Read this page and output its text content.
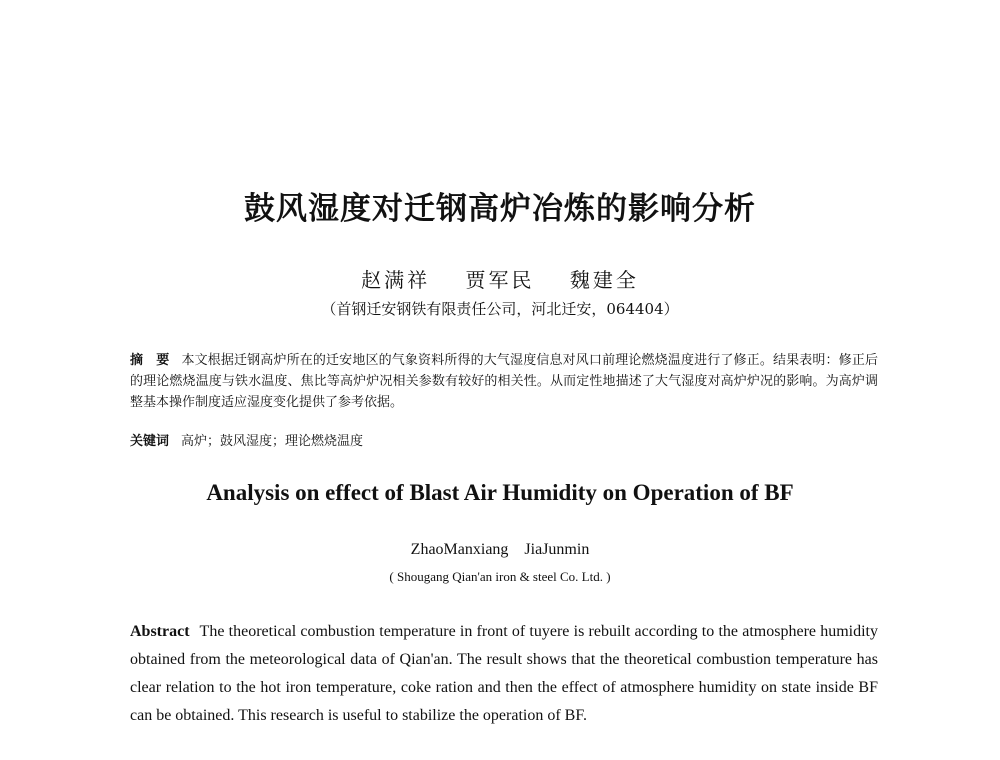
鼓风湿度对迁钢高炉冶炼的影响分析
赵满祥 贾军民 魏建全
（首钢迁安钢铁有限责任公司，河北迁安，064404）
摘　要 本文根据迁钢高炉所在的迁安地区的气象资料所得的大气湿度信息对风口前理论燃烧温度进行了修正。结果表明：修正后的理论燃烧温度与铁水温度、焦比等高炉炉况相关参数有较好的相关性。从而定性地描述了大气湿度对高炉炉况的影响。为高炉调整基本操作制度适应湿度变化提供了参考依据。
关键词 高炉；鼓风湿度；理论燃烧温度
Analysis on effect of Blast Air Humidity on Operation of BF
ZhaoManxiang JiaJunmin
( Shougang Qian'an iron & steel Co. Ltd. )
Abstract The theoretical combustion temperature in front of tuyere is rebuilt according to the atmosphere humidity obtained from the meteorological data of Qian'an. The result shows that the theoretical combustion temperature has clear relation to the hot iron temperature, coke ration and then the effect of atmosphere humidity on state inside BF can be obtained. This research is useful to stabilize the operation of BF.
